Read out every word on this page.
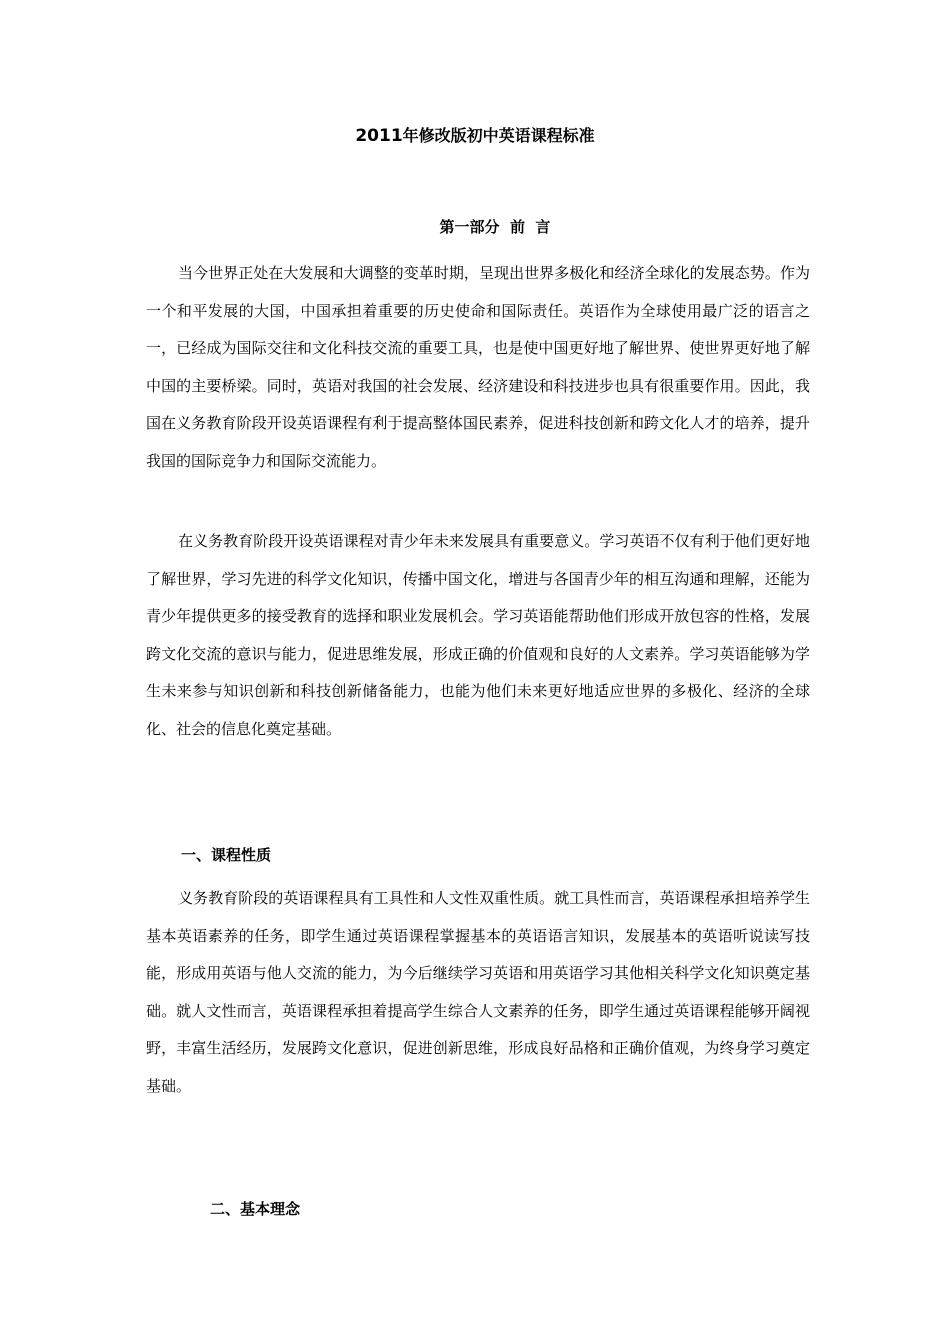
2011年修改版初中英语课程标准
第一部分  前  言

当今世界正处在大发展和大调整的变革时期，呈现出世界多极化和经济全球化的发展态势。作为一个和平发展的大国，中国承担着重要的历史使命和国际责任。英语作为全球使用最广泛的语言之一，已经成为国际交往和文化科技交流的重要工具，也是使中国更好地了解世界、使世界更好地了解中国的主要桥梁。同时，英语对我国的社会发展、经济建设和科技进步也具有很重要作用。因此，我国在义务教育阶段开设英语课程有利于提高整体国民素养，促进科技创新和跨文化人才的培养，提升我国的国际竞争力和国际交流能力。

在义务教育阶段开设英语课程对青少年未来发展具有重要意义。学习英语不仅有利于他们更好地了解世界，学习先进的科学文化知识，传播中国文化，增进与各国青少年的相互沟通和理解，还能为青少年提供更多的接受教育的选择和职业发展机会。学习英语能帮助他们形成开放包容的性格，发展跨文化交流的意识与能力，促进思维发展，形成正确的价值观和良好的人文素养。学习英语能够为学生未来参与知识创新和科技创新储备能力，也能为他们未来更好地适应世界的多极化、经济的全球化、社会的信息化奠定基础。

一、课程性质

义务教育阶段的英语课程具有工具性和人文性双重性质。就工具性而言，英语课程承担培养学生基本英语素养的任务，即学生通过英语课程掌握基本的英语语言知识，发展基本的英语听说读写技能，形成用英语与他人交流的能力，为今后继续学习英语和用英语学习其他相关科学文化知识奠定基础。就人文性而言，英语课程承担着提高学生综合人文素养的任务，即学生通过英语课程能够开阔视野，丰富生活经历，发展跨文化意识，促进创新思维，形成良好品格和正确价值观，为终身学习奠定基础。

二、基本理念
